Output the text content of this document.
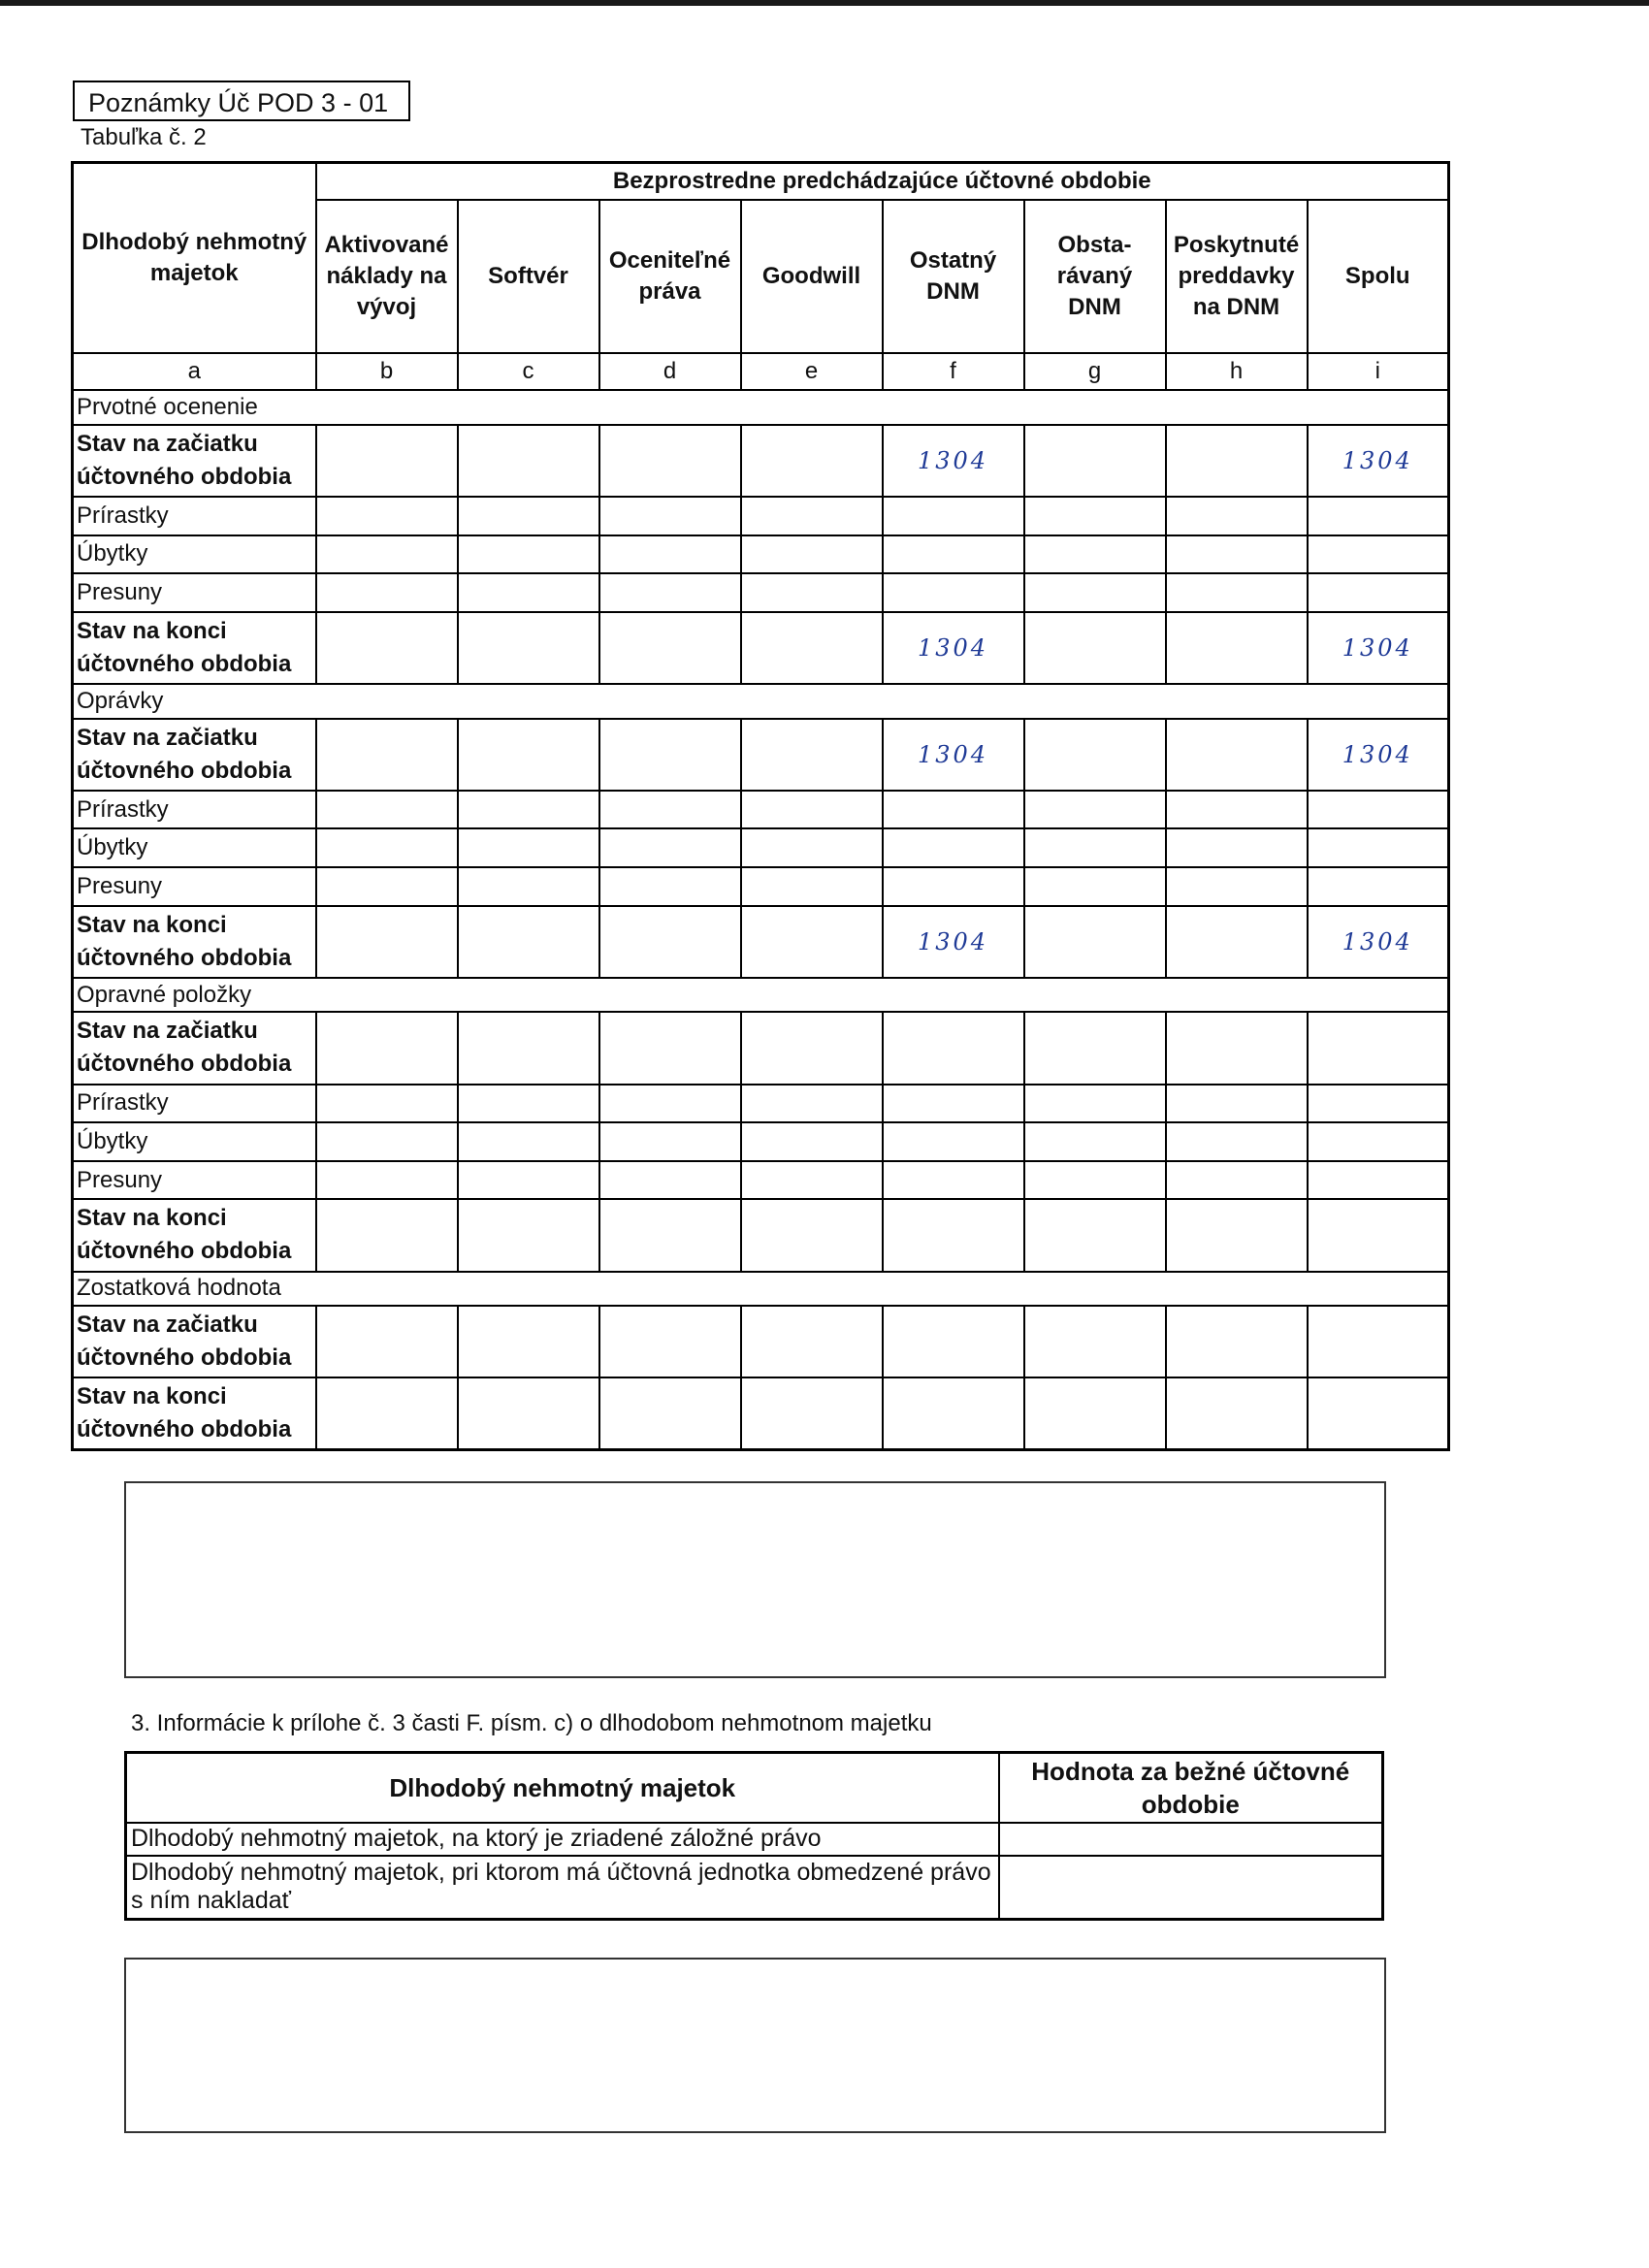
Poznámky Úč POD 3 - 01
Tabuľka č. 2
Dlhodobý nehmotný majetok	Bezprostredne predchádzajúce účtovné obdobie							
	Aktivované náklady na vývoj	Softvér	Oceniteľné práva	Goodwill	Ostatný DNM	Obsta-rávaný DNM	Poskytnuté preddavky na DNM	Spolu
a	b	c	d	e	f	g	h	i
Prvotné ocenenie								
Stav na začiatku účtovného obdobia					1304			1304
Prírastky								
Úbytky								
Presuny								
Stav na konci účtovného obdobia					1304			1304
Oprávky								
Stav na začiatku účtovného obdobia					1304			1304
Prírastky								
Úbytky								
Presuny								
Stav na konci účtovného obdobia					1304			1304
Opravné položky								
Stav na začiatku účtovného obdobia								
Prírastky								
Úbytky								
Presuny								
Stav na konci účtovného obdobia								
Zostatková hodnota								
Stav na začiatku účtovného obdobia								
Stav na konci účtovného obdobia								
3. Informácie k prílohe č. 3 časti F. písm. c) o dlhodobom nehmotnom majetku
Dlhodobý nehmotný majetok	Hodnota za bežné účtovné obdobie
Dlhodobý nehmotný majetok, na ktorý je zriadené záložné právo	
Dlhodobý nehmotný majetok, pri ktorom má účtovná jednotka obmedzené právo s ním nakladať	
